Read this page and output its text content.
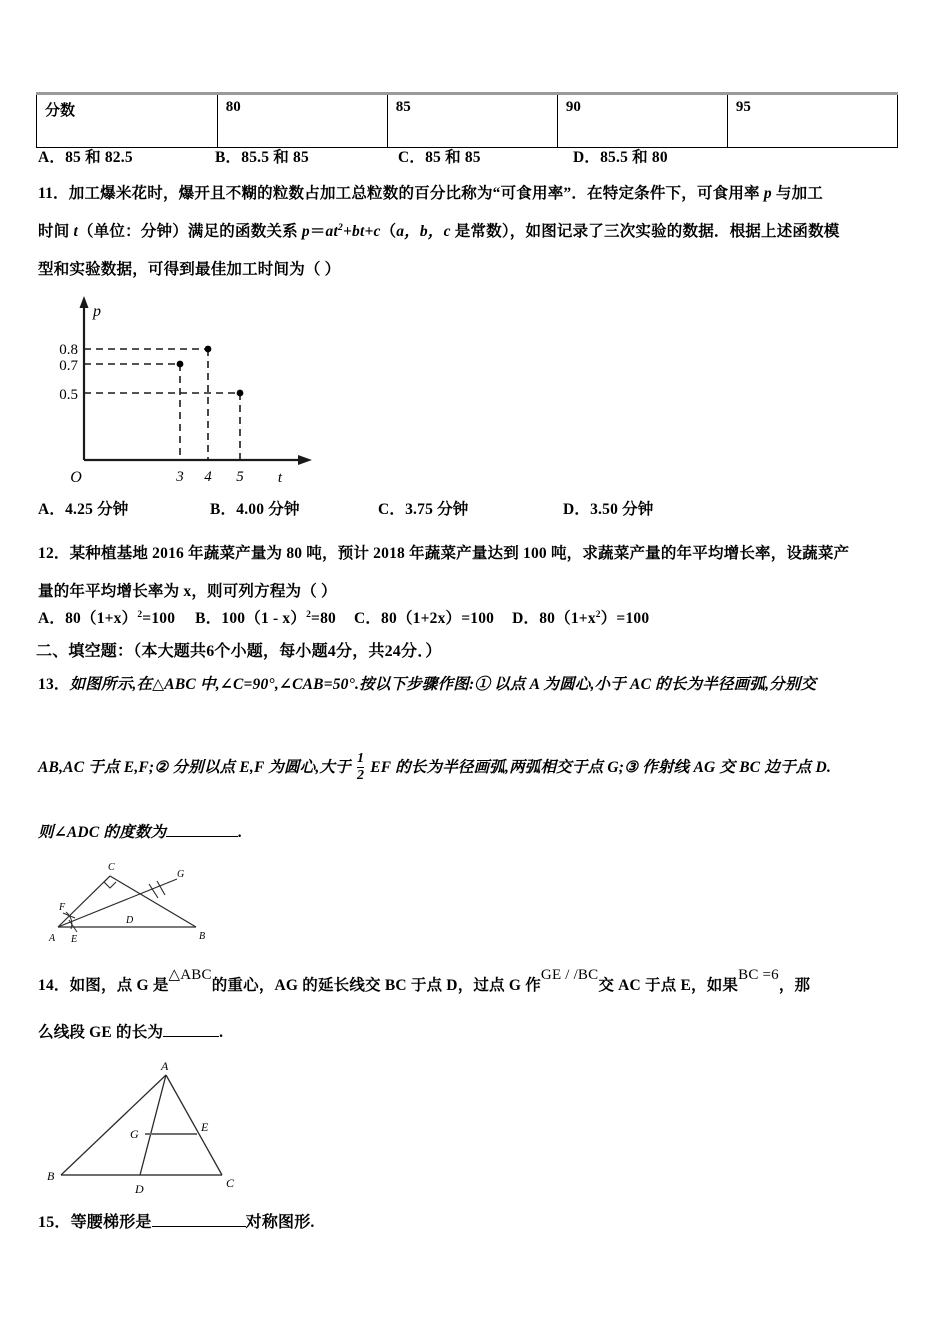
分数	80	85	90	95
A．85 和 82.5	B．85.5 和 85	C．85 和 85	D．85.5 和 80
11．加工爆米花时，爆开且不糊的粒数占加工总粒数的百分比称为“可食用率”．在特定条件下，可食用率 p 与加工
时间 t（单位：分钟）满足的函数关系 $p=at^2+bt+c(a$，b，c 是常数），如图记录了三次实验的数据．根据上述函数模
型和实验数据，可得到最佳加工时间为（ ）
0.8
0.7
0.5
3 4 5 t
p
O
A．4.25 分钟	B．4.00 分钟	C．3.75 分钟	D．3.50 分钟
12．某种植基地 2016 年蔬菜产量为 80 吨，预计 2018 年蔬菜产量达到 100 吨，求蔬菜产量的年平均增长率，设蔬菜产
量的年平均增长率为 x，则可列方程为（ ）
A．$80(1+x)^2=100$ B．100（1 - x）$^2$=80 C．80（1+2x）=100 D．$80(1+x^2)=100$
二、填空题：（本大题共6个小题，每小题4分，共24分．）
13．如图所示,在△ABC 中,∠C=90°,∠CAB=50°.按以下步骤作图:① 以点 A 为圆心,小于 AC 的长为半径画弧,分别交
AB,AC 于点 E,F;② 分别以点 E,F 为圆心,大于 $\frac{1}{2}$ EF 的长为半径画弧,两弧相交于点 G;③ 作射线 AG 交 BC 边于点 D.
则∠ADC 的度数为	.
C
A	B
D
F
E
G
14．如图，点 G 是△ABC的重心，AG 的延长线交 BC 于点 D，过点 G 作GE / /BC交 AC 于点 E，如果BC =6，那
么线段 GE 的长为	.
A
B	C
D
G	E
15．等腰梯形是	对称图形.
